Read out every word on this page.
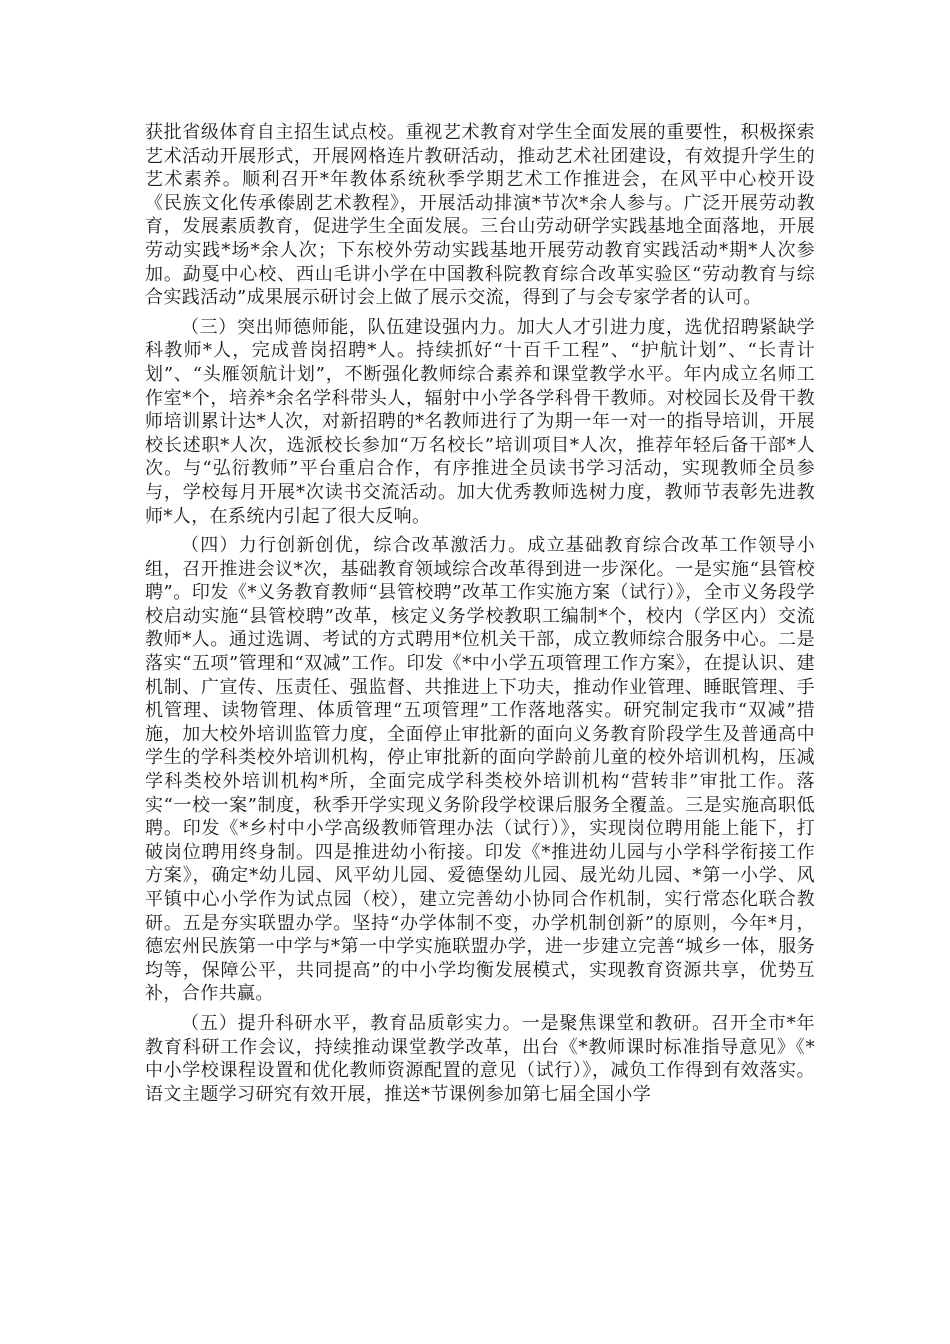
获批省级体育自主招生试点校。重视艺术教育对学生全面发展的重要性，积极探索艺术活动开展形式，开展网格连片教研活动，推动艺术社团建设，有效提升学生的艺术素养。顺利召开*年教体系统秋季学期艺术工作推进会，在风平中心校开设《民族文化传承傣剧艺术教程》，开展活动排演*节次*余人参与。广泛开展劳动教育，发展素质教育，促进学生全面发展。三台山劳动研学实践基地全面落地，开展劳动实践*场*余人次；下东校外劳动实践基地开展劳动教育实践活动*期*人次参加。勐戛中心校、西山毛讲小学在中国教科院教育综合改革实验区“劳动教育与综合实践活动”成果展示研讨会上做了展示交流，得到了与会专家学者的认可。

（三）突出师德师能，队伍建设强内力。加大人才引进力度，选优招聘紧缺学科教师*人，完成普岗招聘*人。持续抓好“十百千工程”、“护航计划”、“长青计划”、“头雁领航计划”，不断强化教师综合素养和课堂教学水平。年内成立名师工作室*个，培养*余名学科带头人，辐射中小学各学科骨干教师。对校园长及骨干教师培训累计达*人次，对新招聘的*名教师进行了为期一年一对一的指导培训，开展校长述职*人次，选派校长参加“万名校长”培训项目*人次，推荐年轻后备干部*人次。与“弘衍教师”平台重启合作，有序推进全员读书学习活动，实现教师全员参与，学校每月开展*次读书交流活动。加大优秀教师选树力度，教师节表彰先进教师*人，在系统内引起了很大反响。

（四）力行创新创优，综合改革激活力。成立基础教育综合改革工作领导小组，召开推进会议*次，基础教育领域综合改革得到进一步深化。一是实施“县管校聘”。印发《*义务教育教师“县管校聘”改革工作实施方案（试行）》，全市义务段学校启动实施“县管校聘”改革，核定义务学校教职工编制*个，校内（学区内）交流教师*人。通过选调、考试的方式聘用*位机关干部，成立教师综合服务中心。二是落实“五项”管理和“双减”工作。印发《*中小学五项管理工作方案》，在提认识、建机制、广宣传、压责任、强监督、共推进上下功夫，推动作业管理、睡眠管理、手机管理、读物管理、体质管理“五项管理”工作落地落实。研究制定我市“双减”措施，加大校外培训监管力度，全面停止审批新的面向义务教育阶段学生及普通高中学生的学科类校外培训机构，停止审批新的面向学龄前儿童的校外培训机构，压减学科类校外培训机构*所，全面完成学科类校外培训机构“营转非”审批工作。落实“一校一案”制度，秋季开学实现义务阶段学校课后服务全覆盖。三是实施高职低聘。印发《*乡村中小学高级教师管理办法（试行）》，实现岗位聘用能上能下，打破岗位聘用终身制。四是推进幼小衔接。印发《*推进幼儿园与小学科学衔接工作方案》，确定*幼儿园、风平幼儿园、爱德堡幼儿园、晟光幼儿园、*第一小学、风平镇中心小学作为试点园（校），建立完善幼小协同合作机制，实行常态化联合教研。五是夯实联盟办学。坚持“办学体制不变，办学机制创新”的原则，今年*月，德宏州民族第一中学与*第一中学实施联盟办学，进一步建立完善“城乡一体，服务均等，保障公平，共同提高”的中小学均衡发展模式，实现教育资源共享，优势互补，合作共赢。

（五）提升科研水平，教育品质彰实力。一是聚焦课堂和教研。召开全市*年教育科研工作会议，持续推动课堂教学改革，出台《*教师课时标准指导意见》《*中小学校课程设置和优化教师资源配置的意见（试行）》，减负工作得到有效落实。语文主题学习研究有效开展，推送*节课例参加第七届全国小学
